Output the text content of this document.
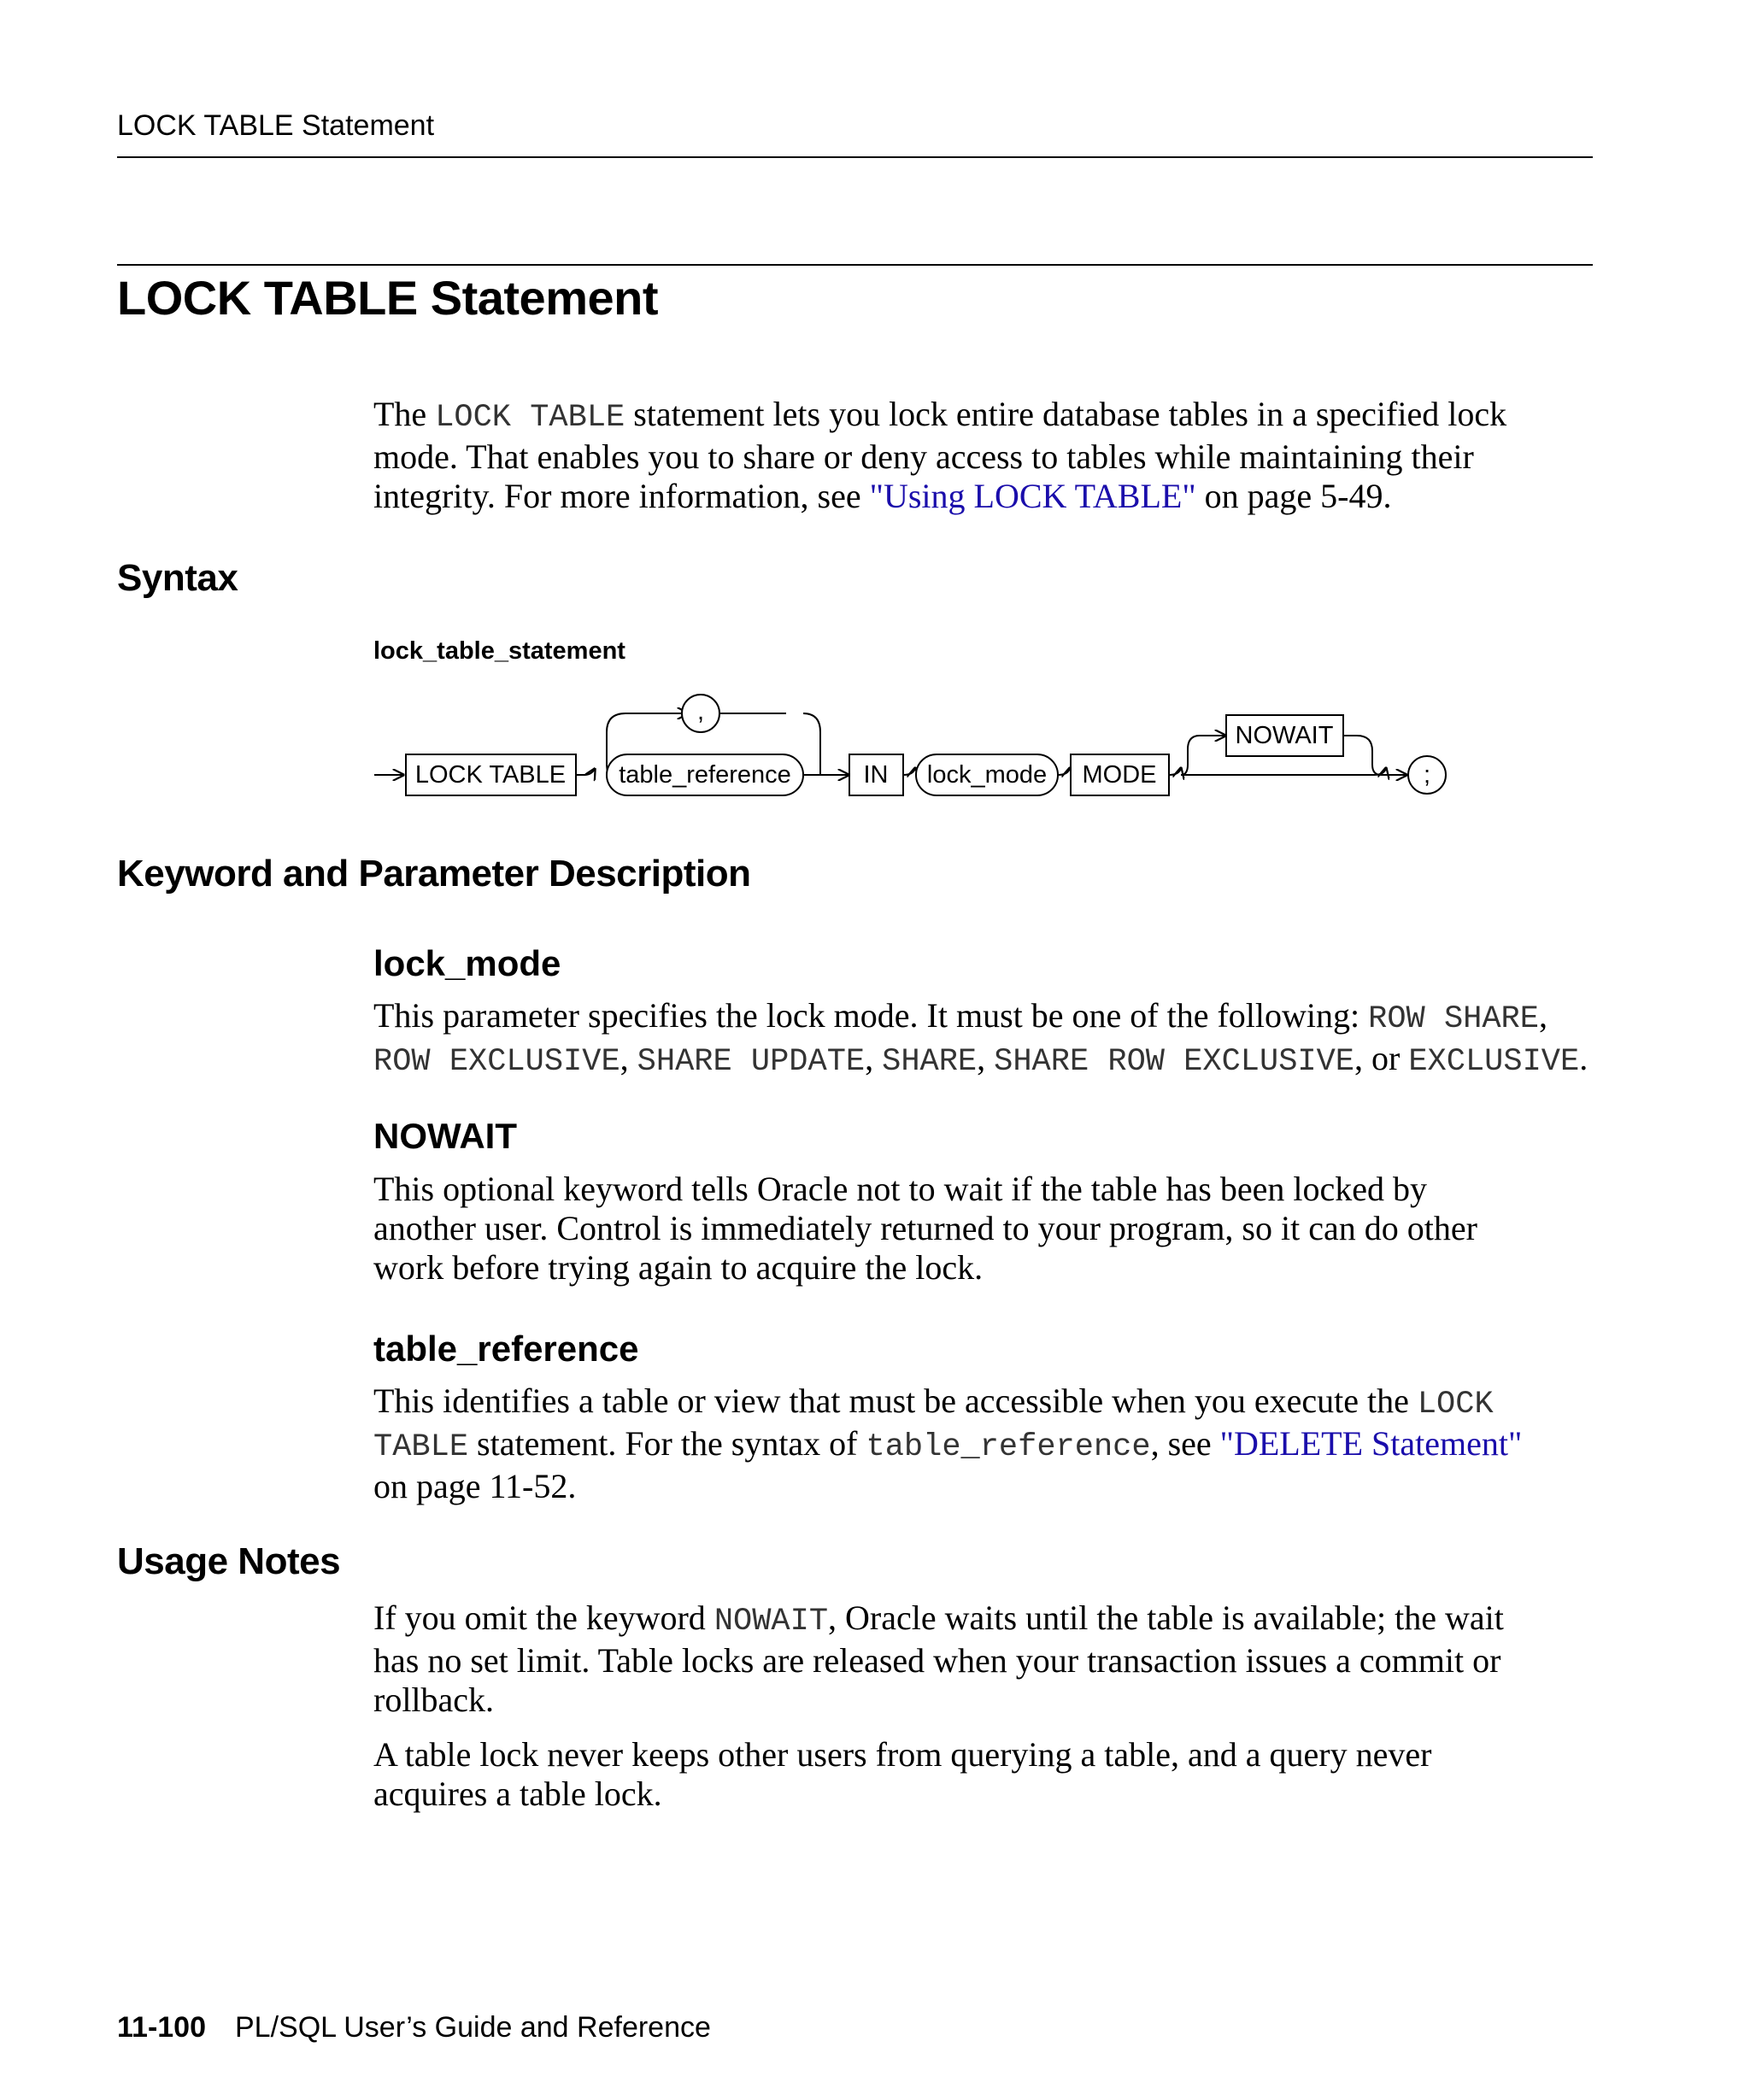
LOCK TABLE Statement
LOCK TABLE Statement
The LOCK TABLE statement lets you lock entire database tables in a specified lock
mode. That enables you to share or deny access to tables while maintaining their
integrity. For more information, see "Using LOCK TABLE" on page 5-49.
Syntax
lock_table_statement
LOCK TABLE
,
table_reference	IN lock_mode MODE
NOWAIT
;
Keyword and Parameter Description
lock_mode
This parameter specifies the lock mode. It must be one of the following: ROW SHARE,
ROW EXCLUSIVE, SHARE UPDATE, SHARE, SHARE ROW EXCLUSIVE, or EXCLUSIVE.
NOWAIT
This optional keyword tells Oracle not to wait if the table has been locked by
another user. Control is immediately returned to your program, so it can do other
work before trying again to acquire the lock.
table_reference
This identifies a table or view that must be accessible when you execute the LOCK
TABLE statement. For the syntax of table_reference, see "DELETE Statement"
on page 11-52.
Usage Notes
If you omit the keyword NOWAIT, Oracle waits until the table is available; the wait
has no set limit. Table locks are released when your transaction issues a commit or
rollback.
A table lock never keeps other users from querying a table, and a query never
acquires a table lock.
11-100 PL/SQL User’s Guide and Reference
